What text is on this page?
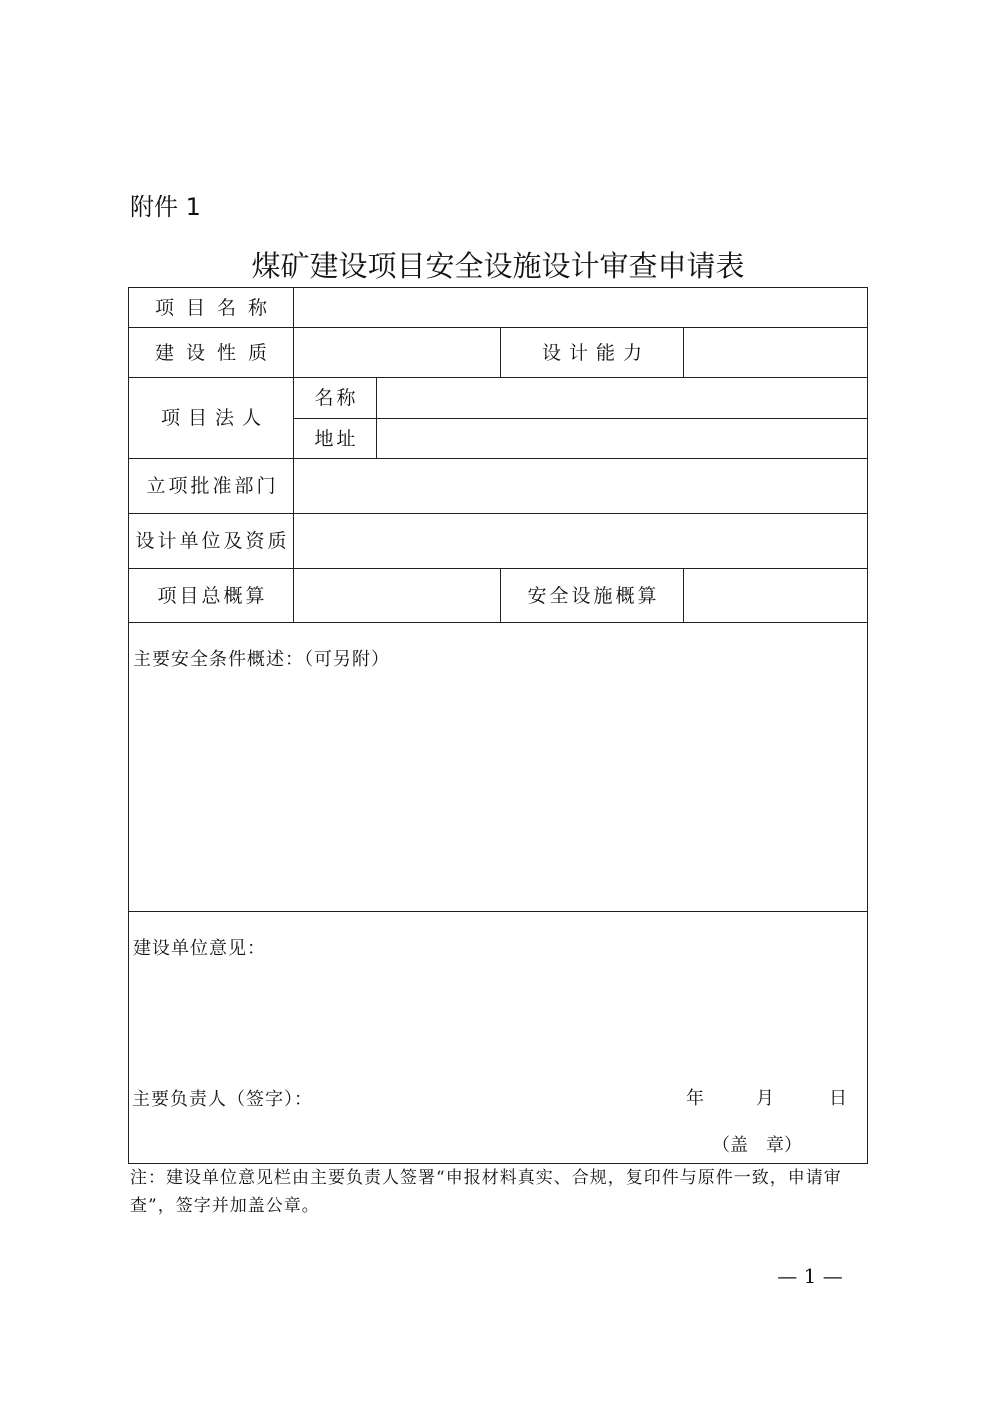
附件 1
煤矿建设项目安全设施设计审查申请表
项目名称
建设性质	设计能力
项目法人
名称
地址
立项批准部门
设计单位及资质
项目总概算	安全设施概算
主要安全条件概述：（可另附）
建设单位意见：
主要负责人（签字）：	年	月	日
（盖　章）
注：建设单位意见栏由主要负责人签署“申报材料真实、合规，复印件与原件一致，申请审查”，签字并加盖公章。
— 1 —
